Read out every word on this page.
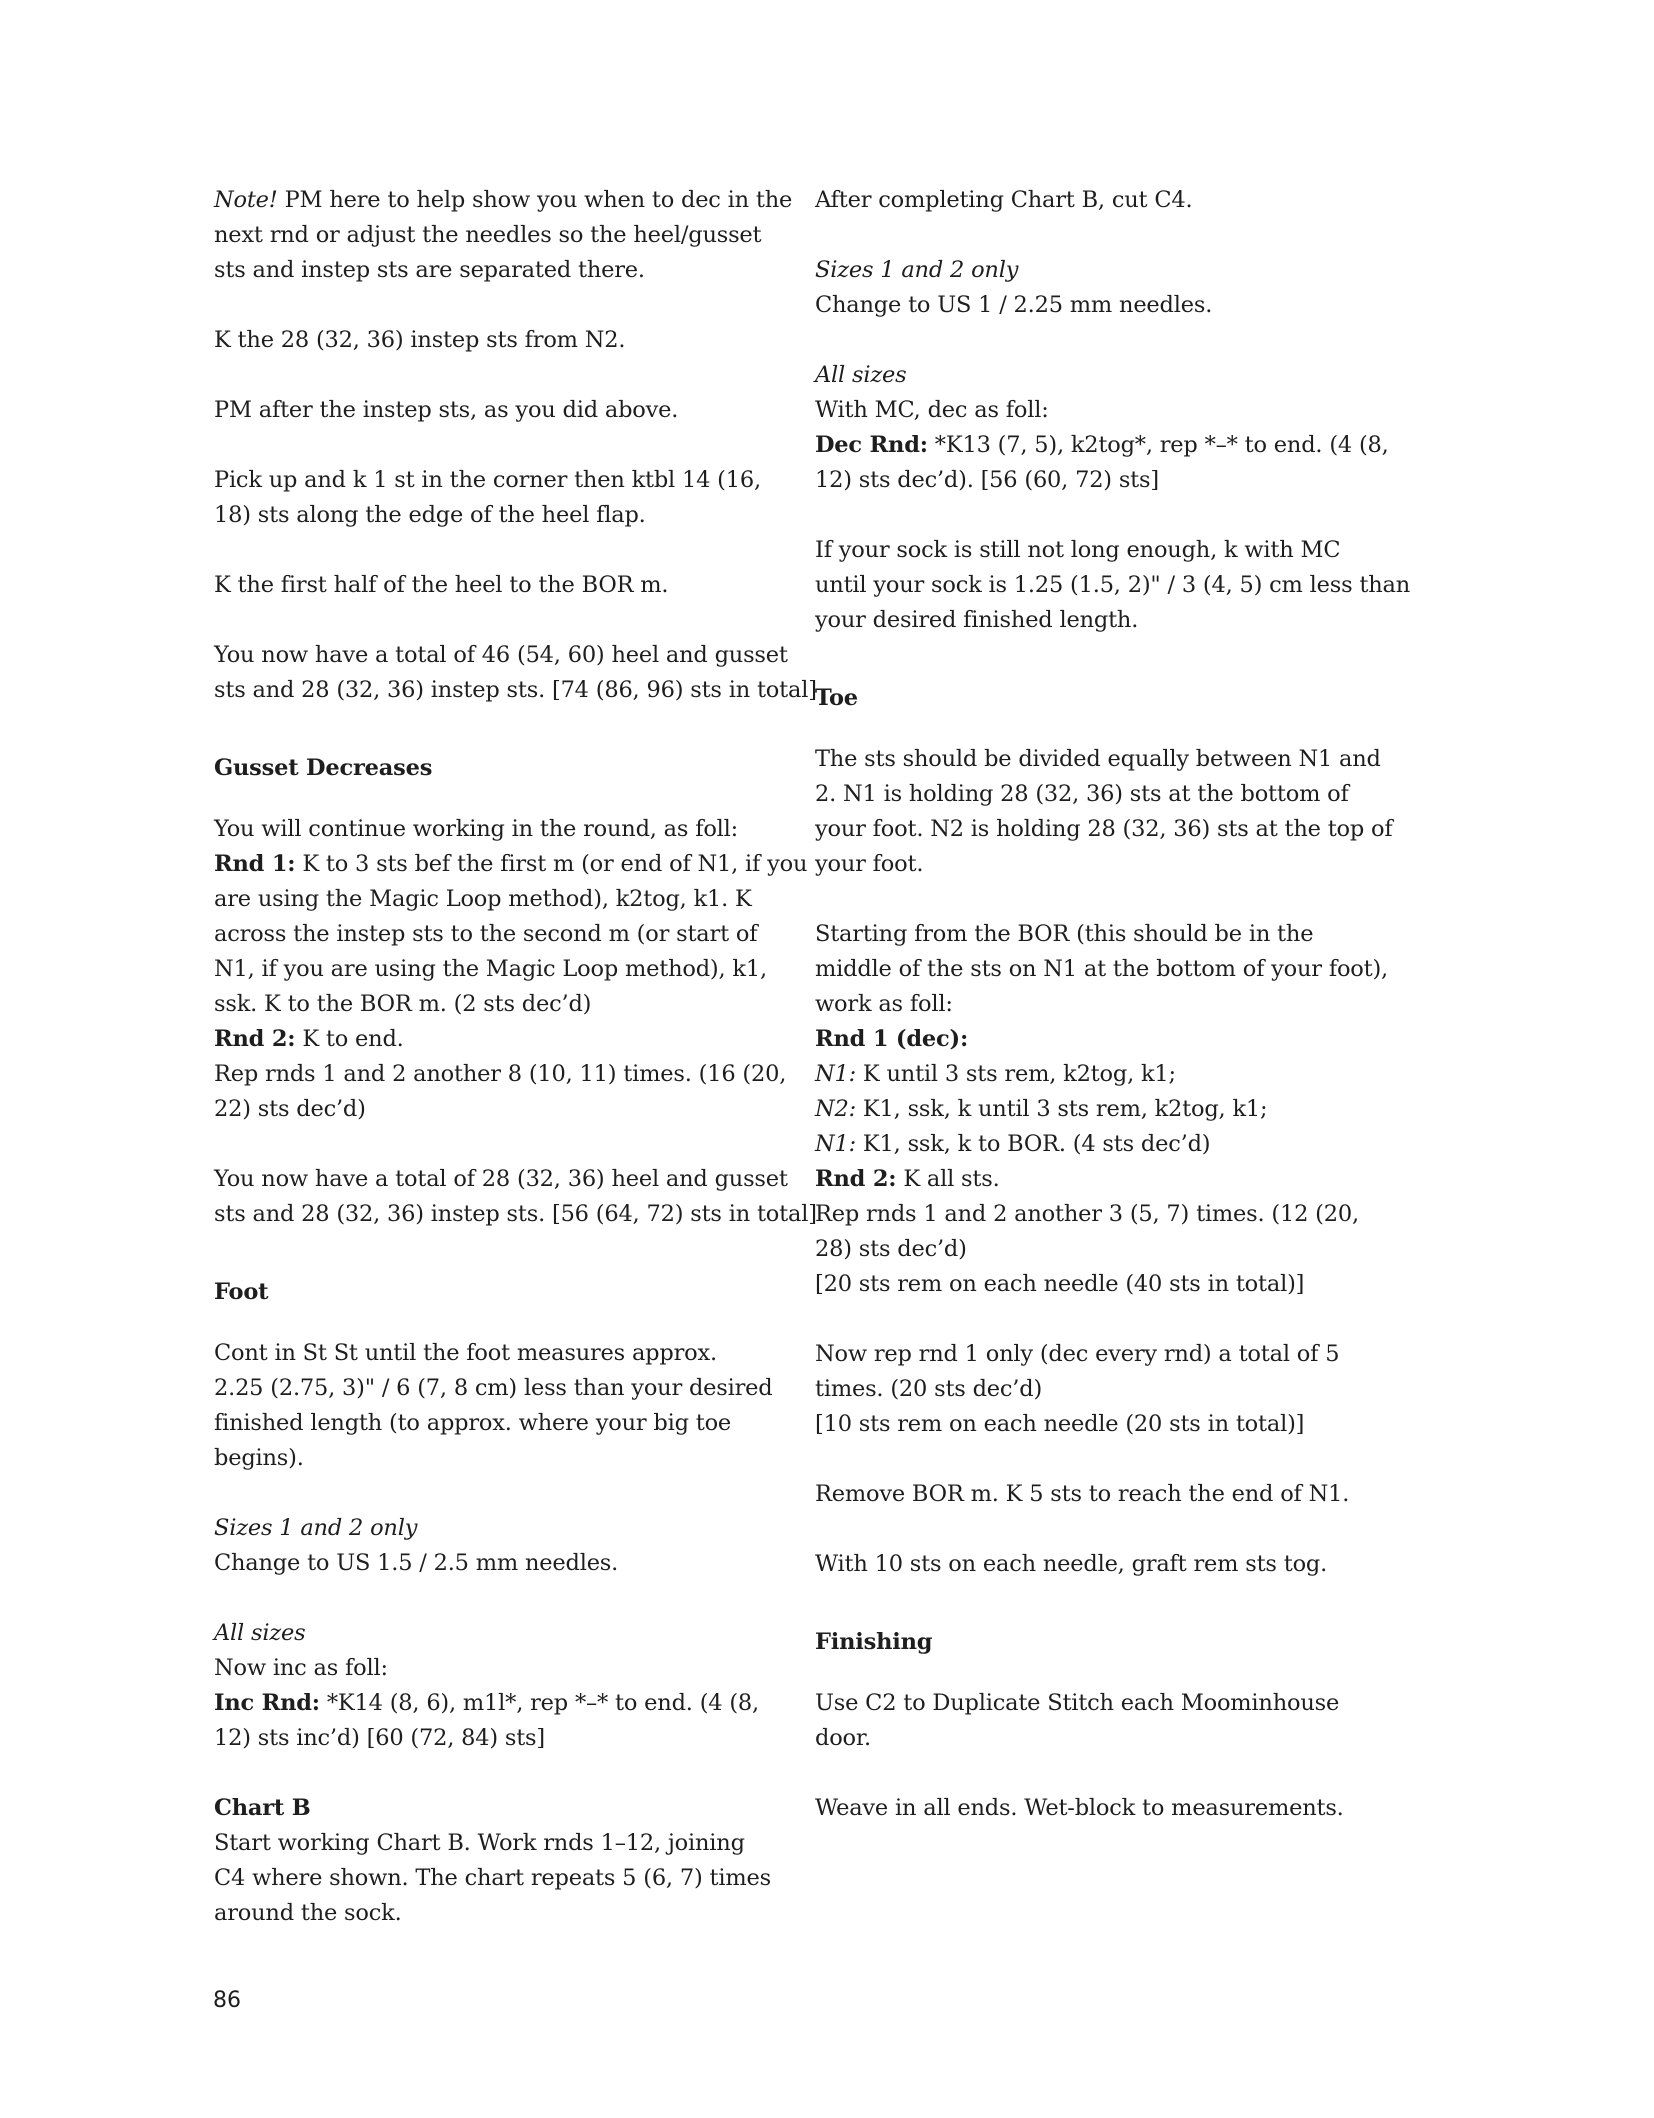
Note! PM here to help show you when to dec in the
next rnd or adjust the needles so the heel/gusset
sts and instep sts are separated there.
K the 28 (32, 36) instep sts from N2.
PM after the instep sts, as you did above.
Pick up and k 1 st in the corner then ktbl 14 (16,
18) sts along the edge of the heel flap.
K the first half of the heel to the BOR m.
You now have a total of 46 (54, 60) heel and gusset
sts and 28 (32, 36) instep sts. [74 (86, 96) sts in total]
Gusset Decreases
You will continue working in the round, as foll:
Rnd 1: K to 3 sts bef the first m (or end of N1, if you
are using the Magic Loop method), k2tog, k1. K
across the instep sts to the second m (or start of
N1, if you are using the Magic Loop method), k1,
ssk. K to the BOR m. (2 sts dec’d)
Rnd 2: K to end.
Rep rnds 1 and 2 another 8 (10, 11) times. (16 (20,
22) sts dec’d)
You now have a total of 28 (32, 36) heel and gusset
sts and 28 (32, 36) instep sts. [56 (64, 72) sts in total]
Foot
Cont in St St until the foot measures approx.
2.25 (2.75, 3)" / 6 (7, 8 cm) less than your desired
finished length (to approx. where your big toe
begins).
Sizes 1 and 2 only
Change to US 1.5 / 2.5 mm needles.
All sizes
Now inc as foll:
Inc Rnd: *K14 (8, 6), m1l*, rep *–* to end. (4 (8,
12) sts inc’d) [60 (72, 84) sts]
Chart B
Start working Chart B. Work rnds 1–12, joining
C4 where shown. The chart repeats 5 (6, 7) times
around the sock.
After completing Chart B, cut C4.
Sizes 1 and 2 only
Change to US 1 / 2.25 mm needles.
All sizes
With MC, dec as foll:
Dec Rnd: *K13 (7, 5), k2tog*, rep *–* to end. (4 (8,
12) sts dec’d). [56 (60, 72) sts]
If your sock is still not long enough, k with MC
until your sock is 1.25 (1.5, 2)" / 3 (4, 5) cm less than
your desired finished length.
Toe
The sts should be divided equally between N1 and
2. N1 is holding 28 (32, 36) sts at the bottom of
your foot. N2 is holding 28 (32, 36) sts at the top of
your foot.
Starting from the BOR (this should be in the
middle of the sts on N1 at the bottom of your foot),
work as foll:
Rnd 1 (dec):
N1: K until 3 sts rem, k2tog, k1;
N2: K1, ssk, k until 3 sts rem, k2tog, k1;
N1: K1, ssk, k to BOR. (4 sts dec’d)
Rnd 2: K all sts.
Rep rnds 1 and 2 another 3 (5, 7) times. (12 (20,
28) sts dec’d)
[20 sts rem on each needle (40 sts in total)]
Now rep rnd 1 only (dec every rnd) a total of 5
times. (20 sts dec’d)
[10 sts rem on each needle (20 sts in total)]
Remove BOR m. K 5 sts to reach the end of N1.
With 10 sts on each needle, graft rem sts tog.
Finishing
Use C2 to Duplicate Stitch each Moominhouse
door.
Weave in all ends. Wet-block to measurements.
86
